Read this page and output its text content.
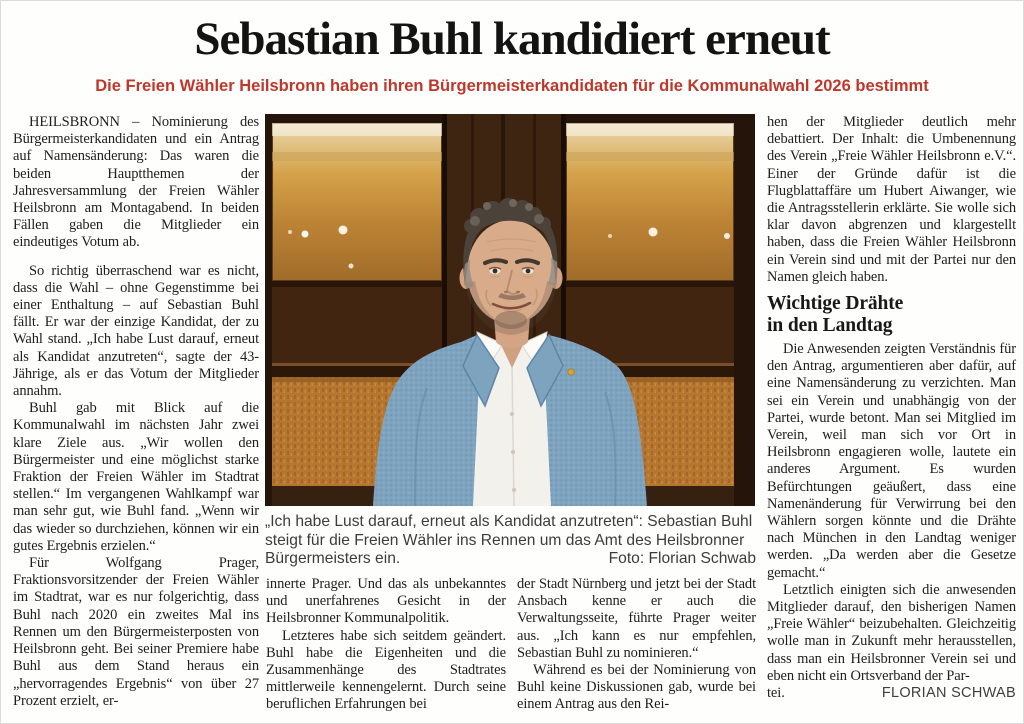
Sebastian Buhl kandidiert erneut
Die Freien Wähler Heilsbronn haben ihren Bürgermeisterkandidaten für die Kommunalwahl 2026 bestimmt

HEILSBRONN – Nominierung des Bürgermeisterkandidaten und ein Antrag auf Namensänderung: Das waren die beiden Hauptthemen der Jahresversammlung der Freien Wähler Heilsbronn am Montagabend. In beiden Fällen gaben die Mitglieder ein eindeutiges Votum ab.

So richtig überraschend war es nicht, dass die Wahl – ohne Gegenstimme bei einer Enthaltung – auf Sebastian Buhl fällt. Er war der einzige Kandidat, der zu Wahl stand. „Ich habe Lust darauf, erneut als Kandidat anzutreten“, sagte der 43-Jährige, als er das Votum der Mitglieder annahm.

Buhl gab mit Blick auf die Kommunalwahl im nächsten Jahr zwei klare Ziele aus. „Wir wollen den Bürgermeister und eine möglichst starke Fraktion der Freien Wähler im Stadtrat stellen.“ Im vergangenen Wahlkampf war man sehr gut, wie Buhl fand. „Wenn wir das wieder so durchziehen, können wir ein gutes Ergebnis erzielen.“

Für Wolfgang Prager, Fraktionsvorsitzender der Freien Wähler im Stadtrat, war es nur folgerichtig, dass Buhl nach 2020 ein zweites Mal ins Rennen um den Bürgermeisterposten von Heilsbronn geht. Bei seiner Premiere habe Buhl aus dem Stand heraus ein „hervorragendes Ergebnis“ von über 27 Prozent erzielt, er-

„Ich habe Lust darauf, erneut als Kandidat anzutreten“: Sebastian Buhl steigt für die Freien Wähler ins Rennen um das Amt des Heilsbronner Bürgermeisters ein.	Foto: Florian Schwab

innerte Prager. Und das als unbekanntes und unerfahrenes Gesicht in der Heilsbronner Kommunalpolitik.

Letzteres habe sich seitdem geändert. Buhl habe die Eigenheiten und die Zusammenhänge des Stadtrates mittlerweile kennengelernt. Durch seine beruflichen Erfahrungen bei

der Stadt Nürnberg und jetzt bei der Stadt Ansbach kenne er auch die Verwaltungsseite, führte Prager weiter aus. „Ich kann es nur empfehlen, Sebastian Buhl zu nominieren.“

Während es bei der Nominierung von Buhl keine Diskussionen gab, wurde bei einem Antrag aus den Rei-

hen der Mitglieder deutlich mehr debattiert. Der Inhalt: die Umbenennung des Verein „Freie Wähler Heilsbronn e.V.“. Einer der Gründe dafür ist die Flugblattaffäre um Hubert Aiwanger, wie die Antragsstellerin erklärte. Sie wolle sich klar davon abgrenzen und klargestellt haben, dass die Freien Wähler Heilsbronn ein Verein sind und mit der Partei nur den Namen gleich haben.

Wichtige Drähte
in den Landtag

Die Anwesenden zeigten Verständnis für den Antrag, argumentieren aber dafür, auf eine Namensänderung zu verzichten. Man sei ein Verein und unabhängig von der Partei, wurde betont. Man sei Mitglied im Verein, weil man sich vor Ort in Heilsbronn engagieren wolle, lautete ein anderes Argument. Es wurden Befürchtungen geäußert, dass eine Namenänderung für Verwirrung bei den Wählern sorgen könnte und die Drähte nach München in den Landtag weniger werden. „Da werden aber die Gesetze gemacht.“

Letztlich einigten sich die anwesenden Mitglieder darauf, den bisherigen Namen „Freie Wähler“ beizubehalten. Gleichzeitig wolle man in Zukunft mehr herausstellen, dass man ein Heilsbronner Verein sei und eben nicht ein Ortsverband der Par-

tei.	FLORIAN SCHWAB
